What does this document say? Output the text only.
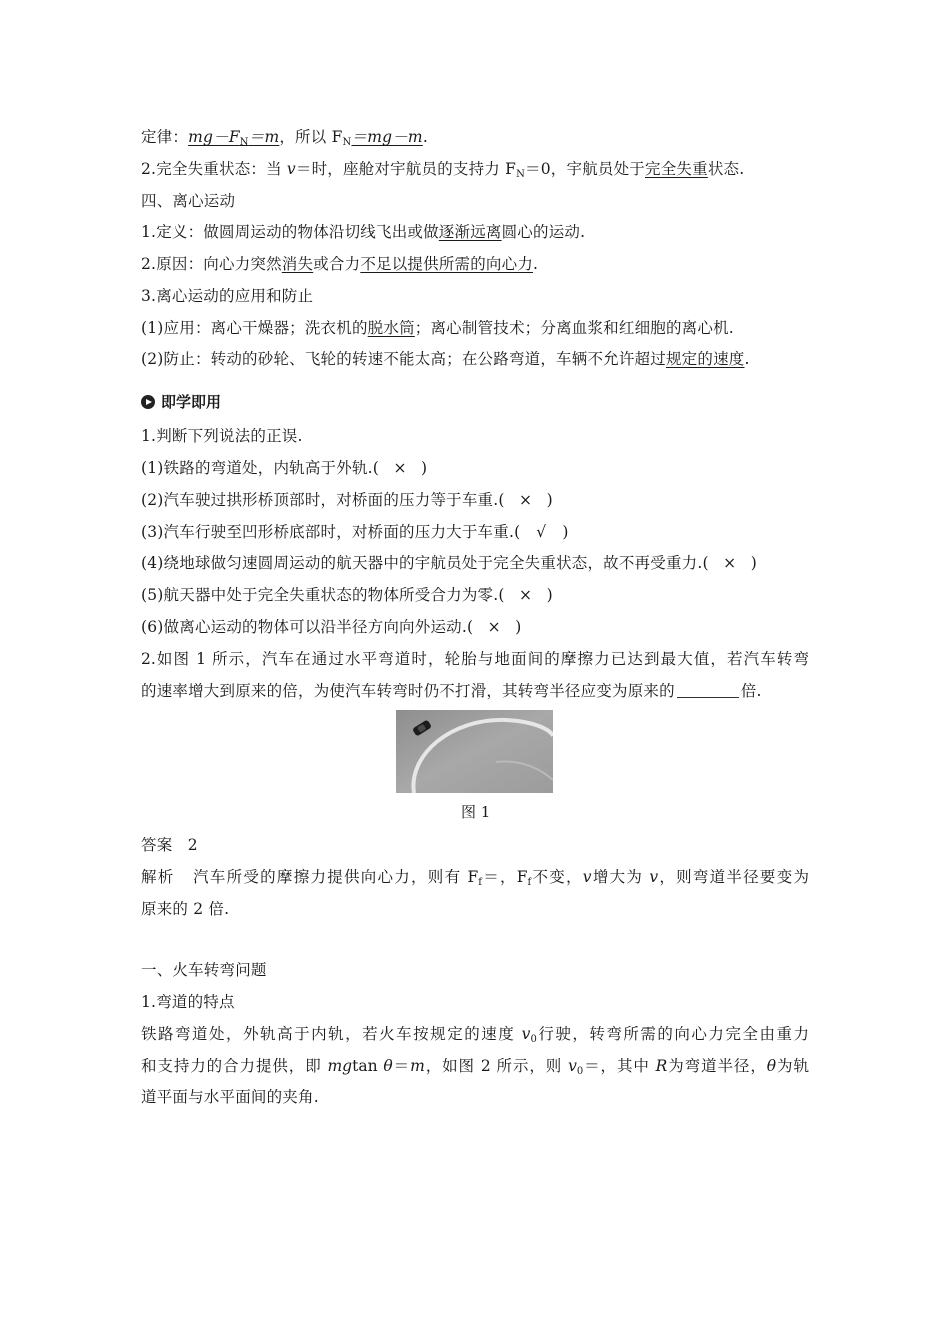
定律：$mg-F_N=m$，所以 $F_N=mg-m$.
2.完全失重状态：当 v＝时，座舱对宇航员的支持力 $F_N=0$，宇航员处于完全失重状态.
四、离心运动
1.定义：做圆周运动的物体沿切线飞出或做逐渐远离圆心的运动.
2.原因：向心力突然消失或合力不足以提供所需的向心力.
3.离心运动的应用和防止
(1)应用：离心干燥器；洗衣机的脱水筒；离心制管技术；分离血浆和红细胞的离心机.
(2)防止：转动的砂轮、飞轮的转速不能太高；在公路弯道，车辆不允许超过规定的速度.
即学即用
1.判断下列说法的正误.
(1)铁路的弯道处，内轨高于外轨.( × )
(2)汽车驶过拱形桥顶部时，对桥面的压力等于车重.( × )
(3)汽车行驶至凹形桥底部时，对桥面的压力大于车重.( √ )
(4)绕地球做匀速圆周运动的航天器中的宇航员处于完全失重状态，故不再受重力.( × )
(5)航天器中处于完全失重状态的物体所受合力为零.( × )
(6)做离心运动的物体可以沿半径方向向外运动.( × )
2.如图 1 所示，汽车在通过水平弯道时，轮胎与地面间的摩擦力已达到最大值，若汽车转弯
的速率增大到原来的倍，为使汽车转弯时仍不打滑，其转弯半径应变为原来的	倍.
图 1
答案 2
解析 汽车所受的摩擦力提供向心力，则有 $F_f=$，$F_f$不变，v增大为 v，则弯道半径要变为
原来的 2 倍.
一、火车转弯问题
1.弯道的特点
铁路弯道处，外轨高于内轨，若火车按规定的速度 $v_0$行驶，转弯所需的向心力完全由重力
和支持力的合力提供，即 mgtan θ＝m，如图 2 所示，则 $v_0=$，其中 R为弯道半径，θ为轨
道平面与水平面间的夹角.
